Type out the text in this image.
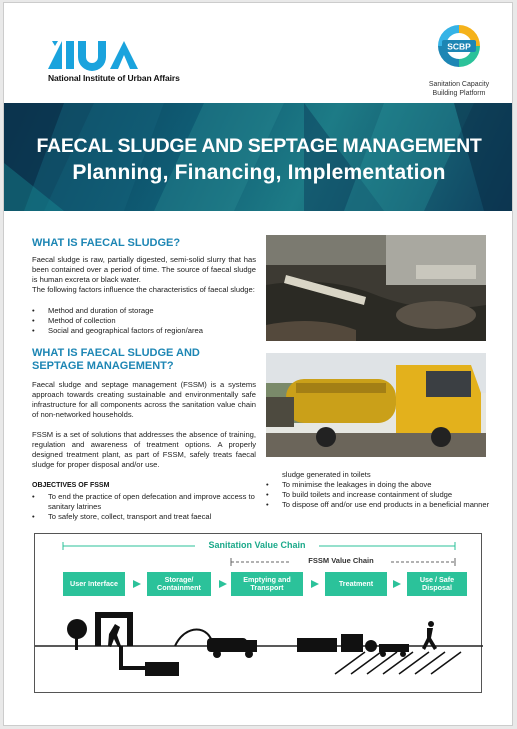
National Institute of Urban Affairs
SCBP
Sanitation Capacity
Building Platform
FAECAL SLUDGE AND SEPTAGE MANAGEMENT
Planning, Financing, Implementation
WHAT IS FAECAL SLUDGE?

Faecal sludge is raw, partially digested, semi-solid slurry that has been contained over a period of time. The source of faecal sludge is human excreta or black water.

The following factors influence the characteristics of faecal sludge:

• Method and duration of storage
• Method of collection
• Social and geographical factors of region/area
WHAT IS FAECAL SLUDGE AND
SEPTAGE MANAGEMENT?

Faecal sludge and septage management (FSSM) is a systems approach towards creating sustainable and environmentally safe infrastructure for all components across the sanitation value chain of non-networked households.

FSSM is a set of solutions that addresses the absence of training, regulation and awareness of treatment options. A properly designed treatment plant, as part of FSSM, safely treats faecal sludge for proper disposal and/or use.

OBJECTIVES OF FSSM
• To end the practice of open defecation and improve access to sanitary latrines
• To safely store, collect, transport and treat faecal
sludge generated in toilets
• To minimise the leakages in doing the above
• To build toilets and increase containment of sludge
• To dispose off and/or use end products in a beneficial manner
Sanitation Value Chain
FSSM Value Chain
User Interface	Storage/ Containment
Emptying and Transport	Treatment	Use / Safe Disposal
